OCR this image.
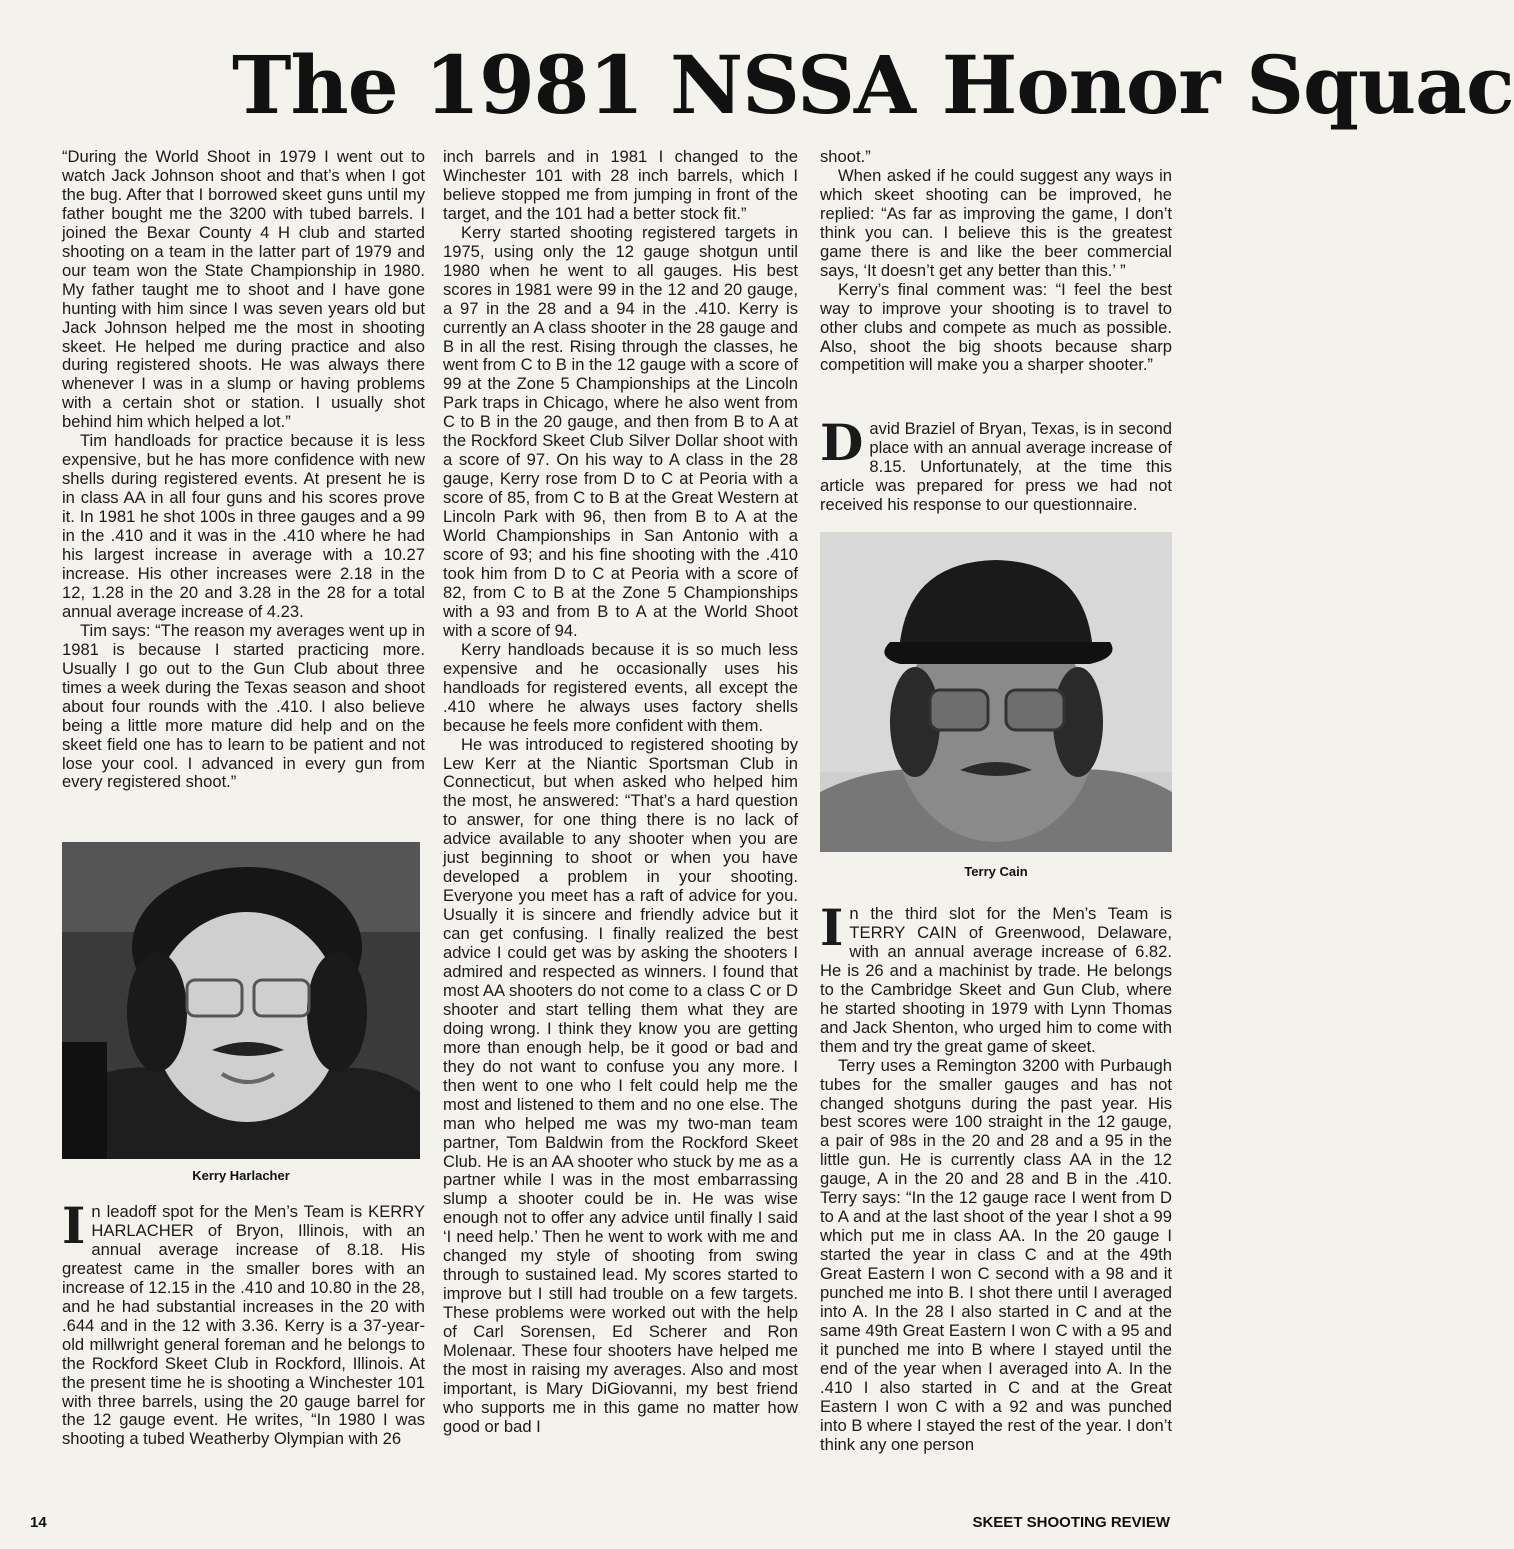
The 1981 NSSA Honor Squac

“During the World Shoot in 1979 I went out to watch Jack Johnson shoot and that’s when I got the bug. After that I borrowed skeet guns until my father bought me the 3200 with tubed barrels. I joined the Bexar County 4 H club and started shooting on a team in the latter part of 1979 and our team won the State Championship in 1980. My father taught me to shoot and I have gone hunting with him since I was seven years old but Jack Johnson helped me the most in shooting skeet. He helped me during practice and also during registered shoots. He was always there whenever I was in a slump or having problems with a certain shot or station. I usually shot behind him which helped a lot.”

Tim handloads for practice because it is less expensive, but he has more confidence with new shells during registered events. At present he is in class AA in all four guns and his scores prove it. In 1981 he shot 100s in three gauges and a 99 in the .410 and it was in the .410 where he had his largest increase in average with a 10.27 increase. His other increases were 2.18 in the 12, 1.28 in the 20 and 3.28 in the 28 for a total annual average increase of 4.23.

Tim says: “The reason my averages went up in 1981 is because I started practicing more. Usually I go out to the Gun Club about three times a week during the Texas season and shoot about four rounds with the .410. I also believe being a little more mature did help and on the skeet field one has to learn to be patient and not lose your cool. I advanced in every gun from every registered shoot.”

Kerry Harlacher

In leadoff spot for the Men’s Team is KERRY HARLACHER of Bryon, Illinois, with an annual average increase of 8.18. His greatest came in the smaller bores with an increase of 12.15 in the .410 and 10.80 in the 28, and he had substantial increases in the 20 with .644 and in the 12 with 3.36. Kerry is a 37-year-old millwright general foreman and he belongs to the Rockford Skeet Club in Rockford, Illinois. At the present time he is shooting a Winchester 101 with three barrels, using the 20 gauge barrel for the 12 gauge event. He writes, “In 1980 I was shooting a tubed Weatherby Olympian with 26

inch barrels and in 1981 I changed to the Winchester 101 with 28 inch barrels, which I believe stopped me from jumping in front of the target, and the 101 had a better stock fit.”

Kerry started shooting registered targets in 1975, using only the 12 gauge shotgun until 1980 when he went to all gauges. His best scores in 1981 were 99 in the 12 and 20 gauge, a 97 in the 28 and a 94 in the .410. Kerry is currently an A class shooter in the 28 gauge and B in all the rest. Rising through the classes, he went from C to B in the 12 gauge with a score of 99 at the Zone 5 Championships at the Lincoln Park traps in Chicago, where he also went from C to B in the 20 gauge, and then from B to A at the Rockford Skeet Club Silver Dollar shoot with a score of 97. On his way to A class in the 28 gauge, Kerry rose from D to C at Peoria with a score of 85, from C to B at the Great Western at Lincoln Park with 96, then from B to A at the World Championships in San Antonio with a score of 93; and his fine shooting with the .410 took him from D to C at Peoria with a score of 82, from C to B at the Zone 5 Championships with a 93 and from B to A at the World Shoot with a score of 94.

Kerry handloads because it is so much less expensive and he occasionally uses his handloads for registered events, all except the .410 where he always uses factory shells because he feels more confident with them.

He was introduced to registered shooting by Lew Kerr at the Niantic Sportsman Club in Connecticut, but when asked who helped him the most, he answered: “That’s a hard question to answer, for one thing there is no lack of advice available to any shooter when you are just beginning to shoot or when you have developed a problem in your shooting. Everyone you meet has a raft of advice for you. Usually it is sincere and friendly advice but it can get confusing. I finally realized the best advice I could get was by asking the shooters I admired and respected as winners. I found that most AA shooters do not come to a class C or D shooter and start telling them what they are doing wrong. I think they know you are getting more than enough help, be it good or bad and they do not want to confuse you any more. I then went to one who I felt could help me the most and listened to them and no one else. The man who helped me was my two-man team partner, Tom Baldwin from the Rockford Skeet Club. He is an AA shooter who stuck by me as a partner while I was in the most embarrassing slump a shooter could be in. He was wise enough not to offer any advice until finally I said ‘I need help.’ Then he went to work with me and changed my style of shooting from swing through to sustained lead. My scores started to improve but I still had trouble on a few targets. These problems were worked out with the help of Carl Sorensen, Ed Scherer and Ron Molenaar. These four shooters have helped me the most in raising my averages. Also and most important, is Mary DiGiovanni, my best friend who supports me in this game no matter how good or bad I

shoot.”

When asked if he could suggest any ways in which skeet shooting can be improved, he replied: “As far as improving the game, I don’t think you can. I believe this is the greatest game there is and like the beer commercial says, ‘It doesn’t get any better than this.’ ”

Kerry’s final comment was: “I feel the best way to improve your shooting is to travel to other clubs and compete as much as possible. Also, shoot the big shoots because sharp competition will make you a sharper shooter.”

David Braziel of Bryan, Texas, is in second place with an annual average increase of 8.15. Unfortunately, at the time this article was prepared for press we had not received his response to our questionnaire.

Terry Cain

In the third slot for the Men’s Team is TERRY CAIN of Greenwood, Delaware, with an annual average increase of 6.82. He is 26 and a machinist by trade. He belongs to the Cambridge Skeet and Gun Club, where he started shooting in 1979 with Lynn Thomas and Jack Shenton, who urged him to come with them and try the great game of skeet.

Terry uses a Remington 3200 with Purbaugh tubes for the smaller gauges and has not changed shotguns during the past year. His best scores were 100 straight in the 12 gauge, a pair of 98s in the 20 and 28 and a 95 in the little gun. He is currently class AA in the 12 gauge, A in the 20 and 28 and B in the .410. Terry says: “In the 12 gauge race I went from D to A and at the last shoot of the year I shot a 99 which put me in class AA. In the 20 gauge I started the year in class C and at the 49th Great Eastern I won C second with a 98 and it punched me into B. I shot there until I averaged into A. In the 28 I also started in C and at the same 49th Great Eastern I won C with a 95 and it punched me into B where I stayed until the end of the year when I averaged into A. In the .410 I also started in C and at the Great Eastern I won C with a 92 and was punched into B where I stayed the rest of the year. I don’t think any one person

14	SKEET SHOOTING REVIEW
